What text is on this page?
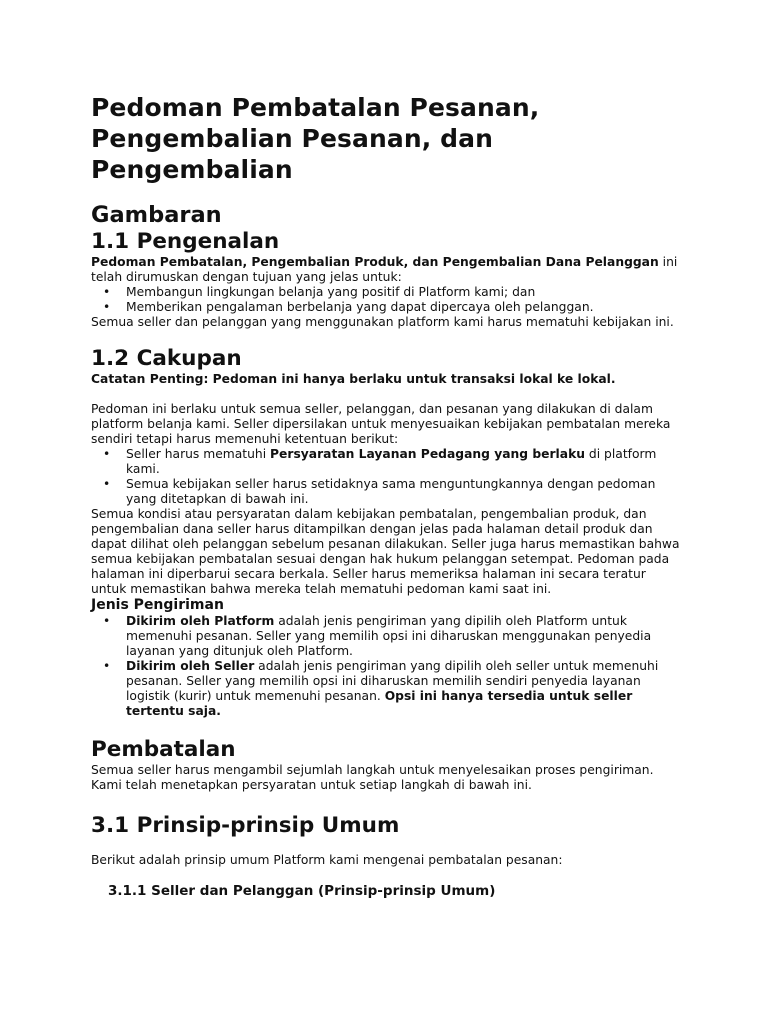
Pedoman Pembatalan Pesanan, Pengembalian Pesanan, dan Pengembalian
Gambaran
1.1 Pengenalan

Pedoman Pembatalan, Pengembalian Produk, dan Pengembalian Dana Pelanggan ini telah dirumuskan dengan tujuan yang jelas untuk:

• Membangun lingkungan belanja yang positif di Platform kami; dan
• Memberikan pengalaman berbelanja yang dapat dipercaya oleh pelanggan.

Semua seller dan pelanggan yang menggunakan platform kami harus mematuhi kebijakan ini.

1.2 Cakupan

Catatan Penting: Pedoman ini hanya berlaku untuk transaksi lokal ke lokal.

Pedoman ini berlaku untuk semua seller, pelanggan, dan pesanan yang dilakukan di dalam platform belanja kami. Seller dipersilakan untuk menyesuaikan kebijakan pembatalan mereka sendiri tetapi harus memenuhi ketentuan berikut:

• Seller harus mematuhi Persyaratan Layanan Pedagang yang berlaku di platform kami.
• Semua kebijakan seller harus setidaknya sama menguntungkannya dengan pedoman yang ditetapkan di bawah ini.

Semua kondisi atau persyaratan dalam kebijakan pembatalan, pengembalian produk, dan pengembalian dana seller harus ditampilkan dengan jelas pada halaman detail produk dan dapat dilihat oleh pelanggan sebelum pesanan dilakukan. Seller juga harus memastikan bahwa semua kebijakan pembatalan sesuai dengan hak hukum pelanggan setempat. Pedoman pada halaman ini diperbarui secara berkala. Seller harus memeriksa halaman ini secara teratur untuk memastikan bahwa mereka telah mematuhi pedoman kami saat ini.

Jenis Pengiriman
• Dikirim oleh Platform adalah jenis pengiriman yang dipilih oleh Platform untuk memenuhi pesanan. Seller yang memilih opsi ini diharuskan menggunakan penyedia layanan yang ditunjuk oleh Platform.
• Dikirim oleh Seller adalah jenis pengiriman yang dipilih oleh seller untuk memenuhi pesanan. Seller yang memilih opsi ini diharuskan memilih sendiri penyedia layanan logistik (kurir) untuk memenuhi pesanan. Opsi ini hanya tersedia untuk seller tertentu saja.
Pembatalan

Semua seller harus mengambil sejumlah langkah untuk menyelesaikan proses pengiriman. Kami telah menetapkan persyaratan untuk setiap langkah di bawah ini.

3.1 Prinsip-prinsip Umum

Berikut adalah prinsip umum Platform kami mengenai pembatalan pesanan:

3.1.1 Seller dan Pelanggan (Prinsip-prinsip Umum)
